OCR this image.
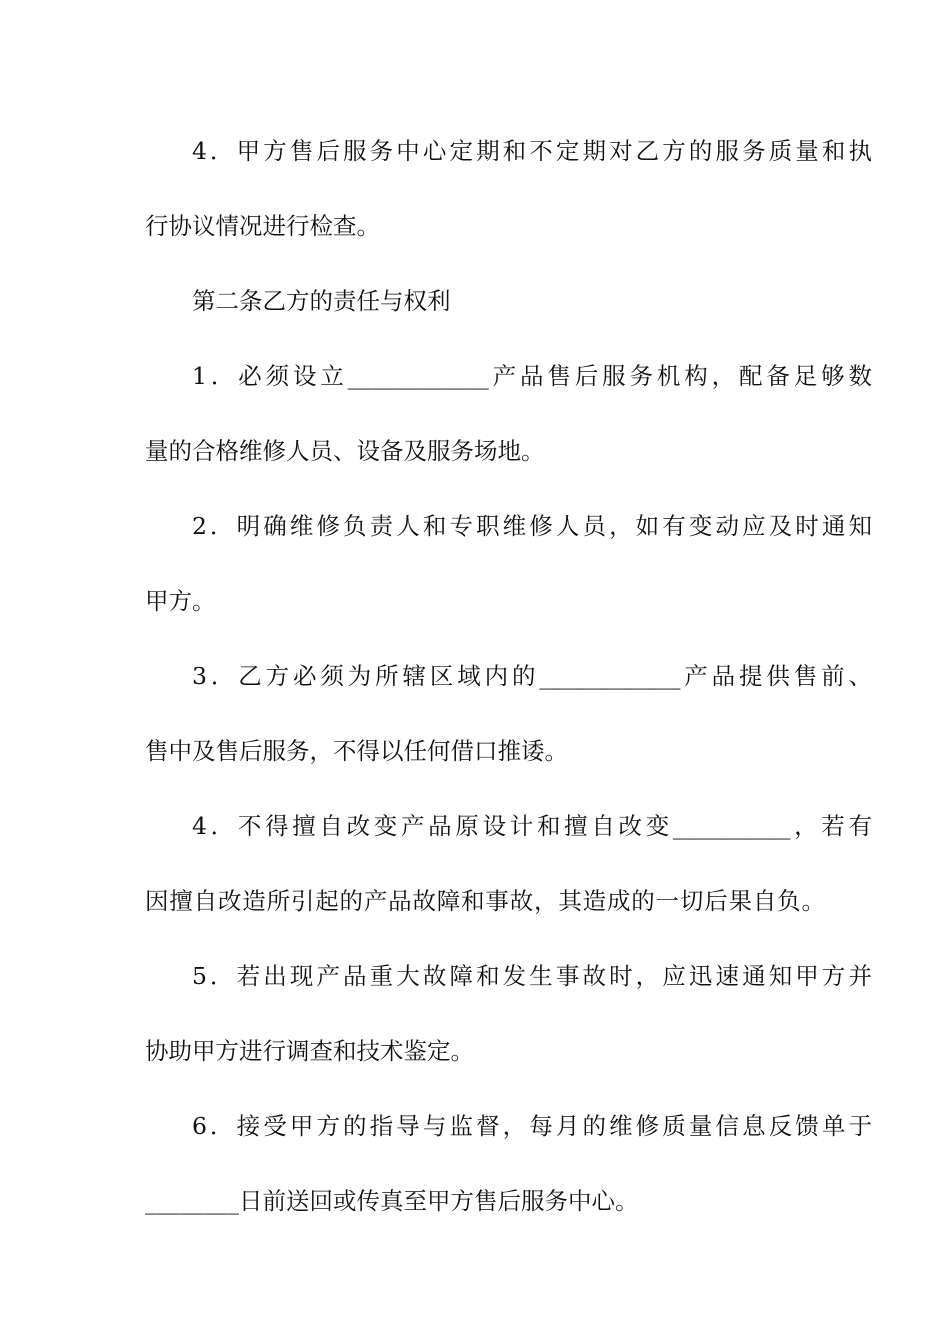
4．甲方售后服务中心定期和不定期对乙方的服务质量和执
行协议情况进行检查。
第二条乙方的责任与权利
1．必须设立____________产品售后服务机构，配备足够数
量的合格维修人员、设备及服务场地。
2．明确维修负责人和专职维修人员，如有变动应及时通知
甲方。
3．乙方必须为所辖区域内的____________产品提供售前、
售中及售后服务，不得以任何借口推诿。
4．不得擅自改变产品原设计和擅自改变__________，若有
因擅自改造所引起的产品故障和事故，其造成的一切后果自负。
5．若出现产品重大故障和发生事故时，应迅速通知甲方并
协助甲方进行调查和技术鉴定。
6．接受甲方的指导与监督，每月的维修质量信息反馈单于
________日前送回或传真至甲方售后服务中心。
